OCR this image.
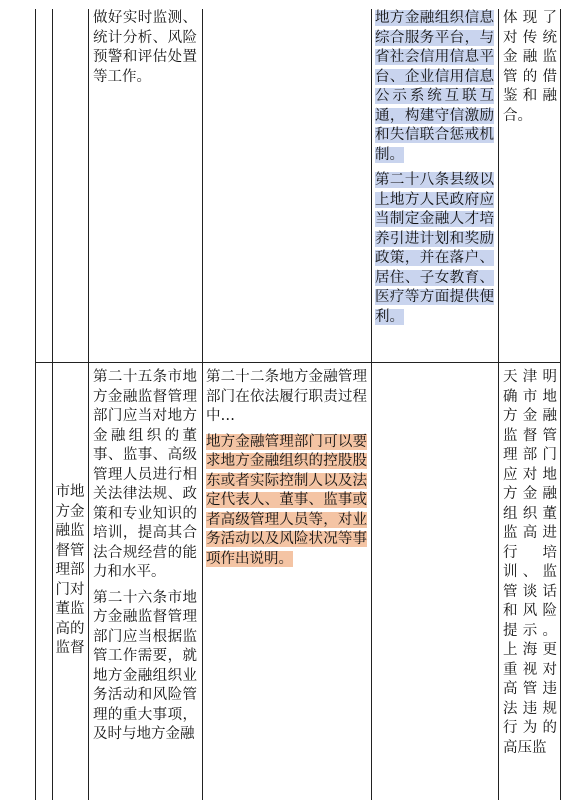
做好实时监测、统计分析、风险预警和评估处置等工作。

地方金融组织信息综合服务平台，与省社会信用信息平台、企业信用信息公示系统互联互通，构建守信激励和失信联合惩戒机制。

第二十八条县级以上地方人民政府应当制定金融人才培养引进计划和奖励政策，并在落户、居住、子女教育、医疗等方面提供便利。

体现了对传统金融监管的借鉴和融合。

市地方金融监督管理部门对董监高的监督

第二十五条市地方金融监督管理部门应当对地方金融组织的董事、监事、高级管理人员进行相关法律法规、政策和专业知识的培训，提高其合法合规经营的能力和水平。

第二十六条市地方金融监督管理部门应当根据监管工作需要，就地方金融组织业务活动和风险管理的重大事项，及时与地方金融

第二十二条地方金融管理部门在依法履行职责过程中…

地方金融管理部门可以要求地方金融组织的控股股东或者实际控制人以及法定代表人、董事、监事或者高级管理人员等，对业务活动以及风险状况等事项作出说明。

天津明确市地方金融监督管理部门应对地方金融组织董监高进行培训、监管谈话和风险提示。上海更重视对高管违法违规行为的高压监
